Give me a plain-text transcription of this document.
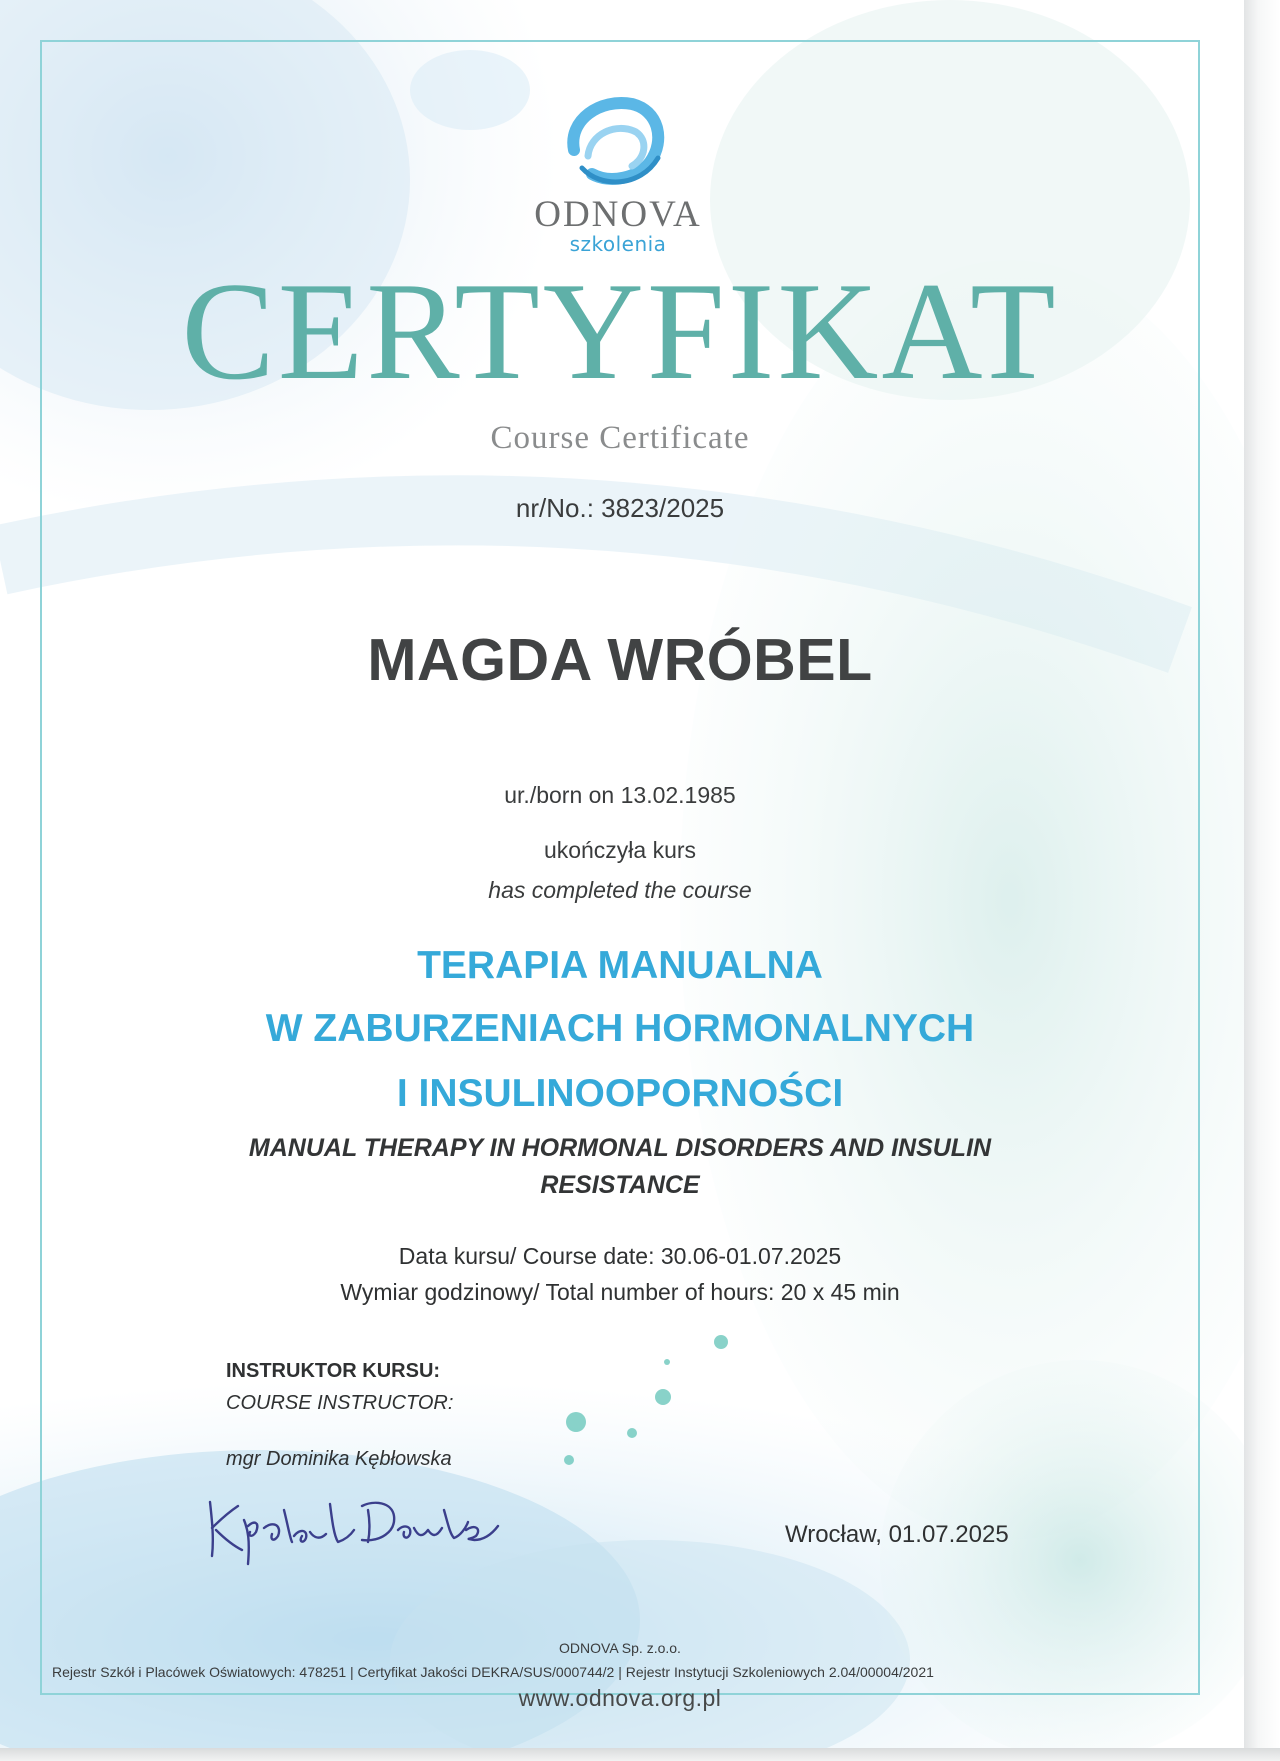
ODNOVA
szkolenia
CERTYFIKAT
Course Certificate
nr/No.: 3823/2025
MAGDA WRÓBEL
ur./born on 13.02.1985
ukończyła kurs
has completed the course
TERAPIA MANUALNA
W ZABURZENIACH HORMONALNYCH
I INSULINOOPORNOŚCI
MANUAL THERAPY IN HORMONAL DISORDERS AND INSULIN
RESISTANCE
Data kursu/ Course date: 30.06-01.07.2025
Wymiar godzinowy/ Total number of hours: 20 x 45 min
INSTRUKTOR KURSU:
COURSE INSTRUCTOR:
mgr Dominika Kębłowska
Wrocław, 01.07.2025
ODNOVA Sp. z.o.o.
Rejestr Szkół i Placówek Oświatowych: 478251 | Certyfikat Jakości DEKRA/SUS/000744/2 | Rejestr Instytucji Szkoleniowych 2.04/00004/2021
www.odnova.org.pl
